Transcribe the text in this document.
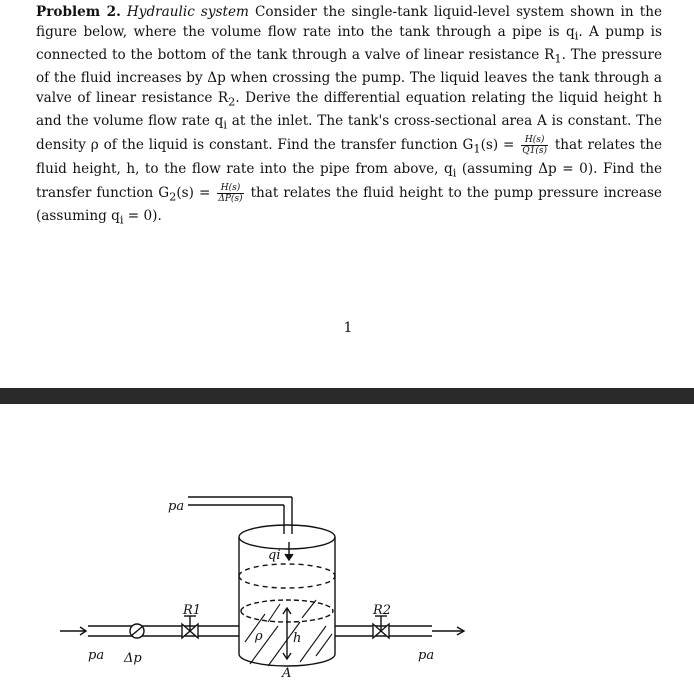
Problem 2. Hydraulic system Consider the single-tank liquid-level system shown in the figure below, where the volume flow rate into the tank through a pipe is $q_i$. A pump is connected to the bottom of the tank through a valve of linear resistance $R_1$. The pressure of the fluid increases by Δp when crossing the pump. The liquid leaves the tank through a valve of linear resistance $R_2$. Derive the differential equation relating the liquid height h and the volume flow rate $q_i$ at the inlet. The tank's cross-sectional area A is constant. The density ρ of the liquid is constant. Find the transfer function $G_1(s) = \frac{H(s)}{Q1(s)}$ that relates the fluid height, h, to the flow rate into the pipe from above, $q_i$ (assuming Δp = 0). Find the transfer function $G_2(s) = \frac{H(s)}{\Delta P(s)}$ that relates the fluid height to the pump pressure increase (assuming $q_i = 0$).
1
pa
qi
R1	R2
ρ h
pa Δp	pa
A
